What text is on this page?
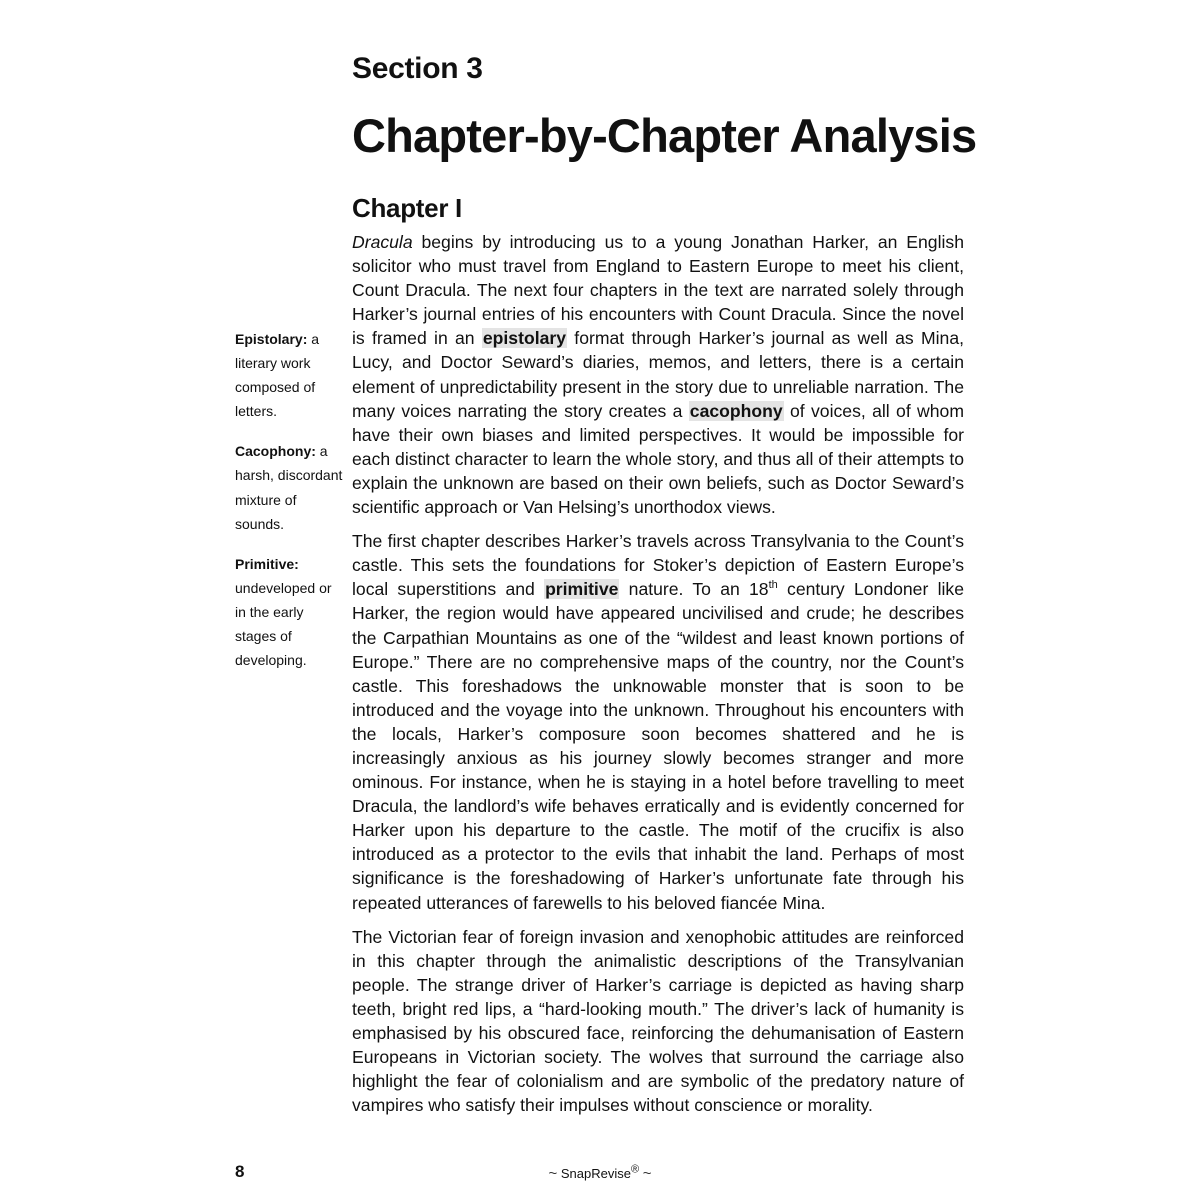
Section 3
Chapter-by-Chapter Analysis
Chapter I

Dracula begins by introducing us to a young Jonathan Harker, an English solicitor who must travel from England to Eastern Europe to meet his client, Count Dracula. The next four chapters in the text are narrated solely through Harker’s journal entries of his encounters with Count Dracula. Since the novel is framed in an epistolary format through Harker’s journal as well as Mina, Lucy, and Doctor Seward’s diaries, memos, and letters, there is a certain element of unpredictability present in the story due to unreliable narration. The many voices narrating the story creates a cacophony of voices, all of whom have their own biases and limited perspectives. It would be impossible for each distinct character to learn the whole story, and thus all of their attempts to explain the unknown are based on their own beliefs, such as Doctor Seward’s scientific approach or Van Helsing’s unorthodox views.

The first chapter describes Harker’s travels across Transylvania to the Count’s castle. This sets the foundations for Stoker’s depiction of Eastern Europe’s local superstitions and primitive nature. To an 18th century Londoner like Harker, the region would have appeared uncivilised and crude; he describes the Carpathian Mountains as one of the “wildest and least known portions of Europe.” There are no comprehensive maps of the country, nor the Count’s castle. This foreshadows the unknowable monster that is soon to be introduced and the voyage into the unknown. Throughout his encounters with the locals, Harker’s composure soon becomes shattered and he is increasingly anxious as his journey slowly becomes stranger and more ominous. For instance, when he is staying in a hotel before travelling to meet Dracula, the landlord’s wife behaves erratically and is evidently concerned for Harker upon his departure to the castle. The motif of the crucifix is also introduced as a protector to the evils that inhabit the land. Perhaps of most significance is the foreshadowing of Harker’s unfortunate fate through his repeated utterances of farewells to his beloved fiancée Mina.

The Victorian fear of foreign invasion and xenophobic attitudes are reinforced in this chapter through the animalistic descriptions of the Transylvanian people. The strange driver of Harker’s carriage is depicted as having sharp teeth, bright red lips, a “hard-looking mouth.” The driver’s lack of humanity is emphasised by his obscured face, reinforcing the dehumanisation of Eastern Europeans in Victorian society. The wolves that surround the carriage also highlight the fear of colonialism and are symbolic of the predatory nature of vampires who satisfy their impulses without conscience or morality.

Epistolary: a literary work composed of letters.
Cacophony: a harsh, discordant mixture of sounds.
Primitive: undeveloped or in the early stages of developing.
8	~ SnapRevise® ~
